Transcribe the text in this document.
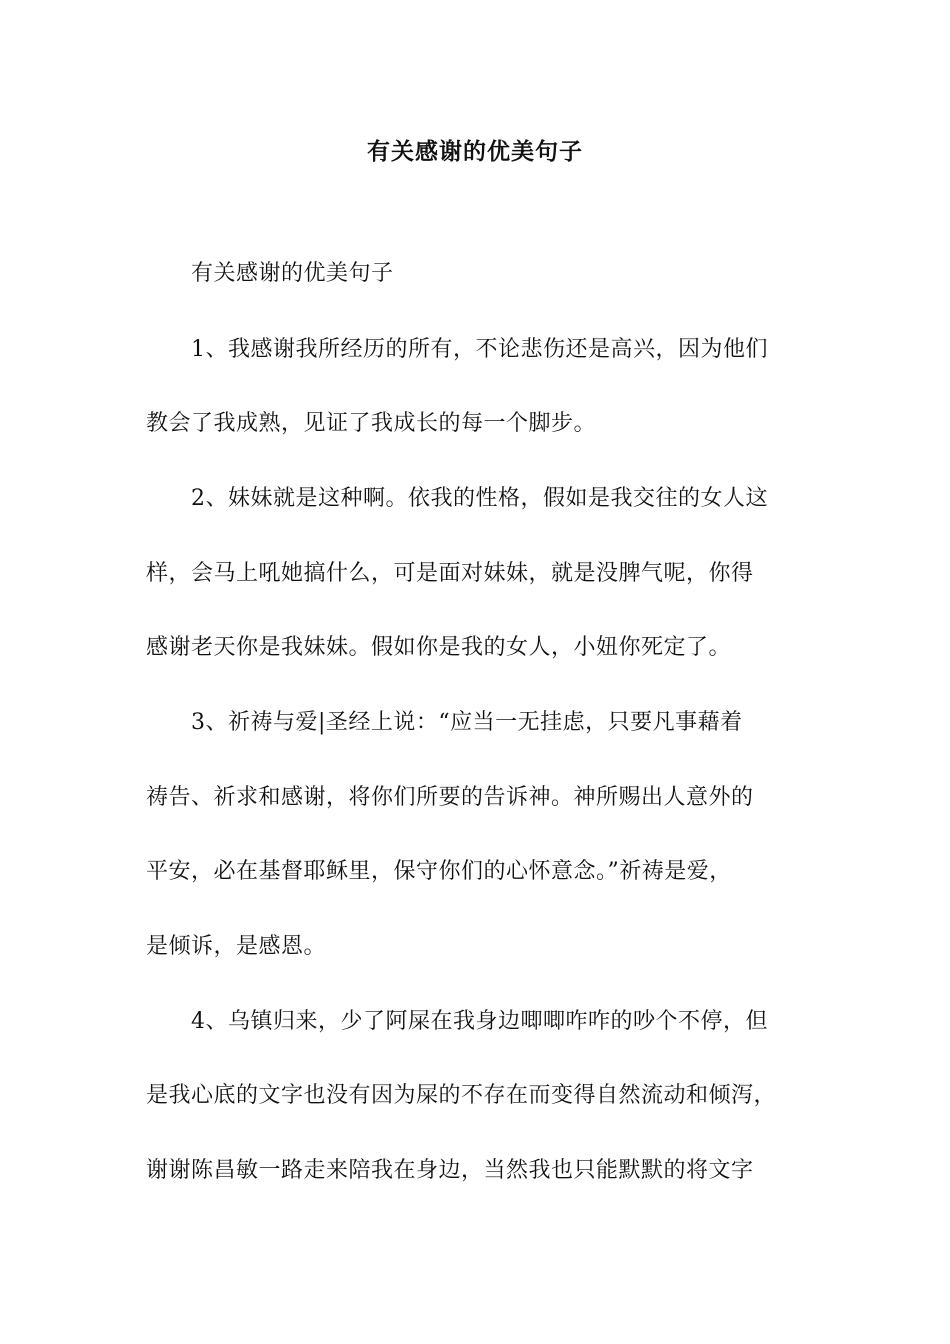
有关感谢的优美句子
有关感谢的优美句子
1、我感谢我所经历的所有，不论悲伤还是高兴，因为他们
教会了我成熟，见证了我成长的每一个脚步。
2、妹妹就是这种啊。依我的性格，假如是我交往的女人这
样，会马上吼她搞什么，可是面对妹妹，就是没脾气呢，你得
感谢老天你是我妹妹。假如你是我的女人，小妞你死定了。
3、祈祷与爱|圣经上说：“应当一无挂虑，只要凡事藉着
祷告、祈求和感谢，将你们所要的告诉神。神所赐出人意外的
平安，必在基督耶稣里，保守你们的心怀意念。”祈祷是爱，
是倾诉，是感恩。
4、乌镇归来，少了阿屎在我身边唧唧咋咋的吵个不停，但
是我心底的文字也没有因为屎的不存在而变得自然流动和倾泻，
谢谢陈昌敏一路走来陪我在身边，当然我也只能默默的将文字
